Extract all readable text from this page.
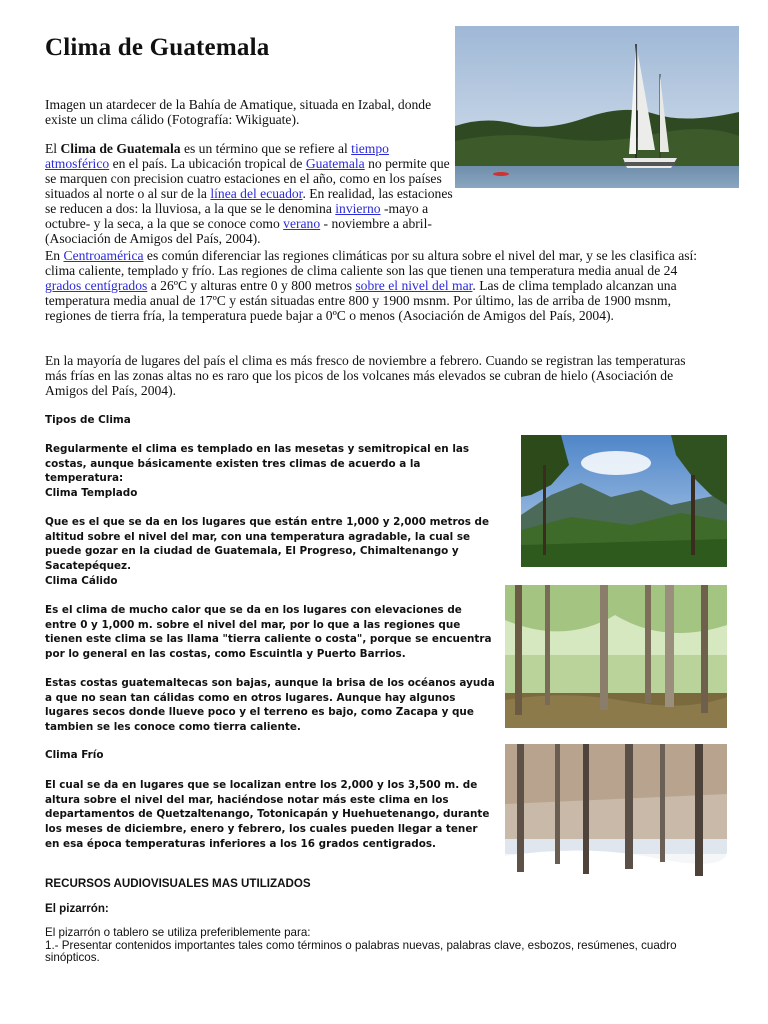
Clima de Guatemala

Imagen un atardecer de la Bahía de Amatique, situada en Izabal, donde existe un clima cálido (Fotografía: Wikiguate).

El Clima de Guatemala es un término que se refiere al tiempo atmosférico en el país. La ubicación tropical de Guatemala no permite que se marquen con precision cuatro estaciones en el año, como en los países situados al norte o al sur de la línea del ecuador. En realidad, las estaciones se reducen a dos: la lluviosa, a la que se le denomina invierno -mayo a octubre- y la seca, a la que se conoce como verano - noviembre a abril- (Asociación de Amigos del País, 2004).

En Centroamérica es común diferenciar las regiones climáticas por su altura sobre el nivel del mar, y se les clasifica así: clima caliente, templado y frío. Las regiones de clima caliente son las que tienen una temperatura media anual de 24 grados centígrados a 26ºC y alturas entre 0 y 800 metros sobre el nivel del mar. Las de clima templado alcanzan una temperatura media anual de 17ºC y están situadas entre 800 y 1900 msnm. Por último, las de arriba de 1900 msnm, regiones de tierra fría, la temperatura puede bajar a 0ºC o menos (Asociación de Amigos del País, 2004).

En la mayoría de lugares del país el clima es más fresco de noviembre a febrero. Cuando se registran las temperaturas más frías en las zonas altas no es raro que los picos de los volcanes más elevados se cubran de hielo (Asociación de Amigos del País, 2004).

Tipos de Clima

Regularmente el clima es templado en las mesetas y semitropical en las costas, aunque básicamente existen tres climas de acuerdo a la temperatura:

Clima Templado

Que es el que se da en los lugares que están entre 1,000 y 2,000 metros de altitud sobre el nivel del mar, con una temperatura agradable, la cual se puede gozar en la ciudad de Guatemala, El Progreso, Chimaltenango y Sacatepéquez.

Clima Cálido

Es el clima de mucho calor que se da en los lugares con elevaciones de entre 0 y 1,000 m. sobre el nivel del mar, por lo que a las regiones que tienen este clima se las llama "tierra caliente o costa", porque se encuentra por lo general en las costas, como Escuintla y Puerto Barrios.

Estas costas guatemaltecas son bajas, aunque la brisa de los océanos ayuda a que no sean tan cálidas como en otros lugares. Aunque hay algunos lugares secos donde llueve poco y el terreno es bajo, como Zacapa y que tambien se les conoce como tierra caliente.

Clima Frío

El cual se da en lugares que se localizan entre los 2,000 y los 3,500 m. de altura sobre el nivel del mar, haciéndose notar más este clima en los departamentos de Quetzaltenango, Totonicapán y Huehuetenango, durante los meses de diciembre, enero y febrero, los cuales pueden llegar a tener en esa época temperaturas inferiores a los 16 grados centigrados.

RECURSOS AUDIOVISUALES MAS UTILIZADOS

El pizarrón:

El pizarrón o tablero se utiliza preferiblemente para:

1.- Presentar contenidos importantes tales como términos o palabras nuevas, palabras clave, esbozos, resúmenes, cuadro sinópticos.
